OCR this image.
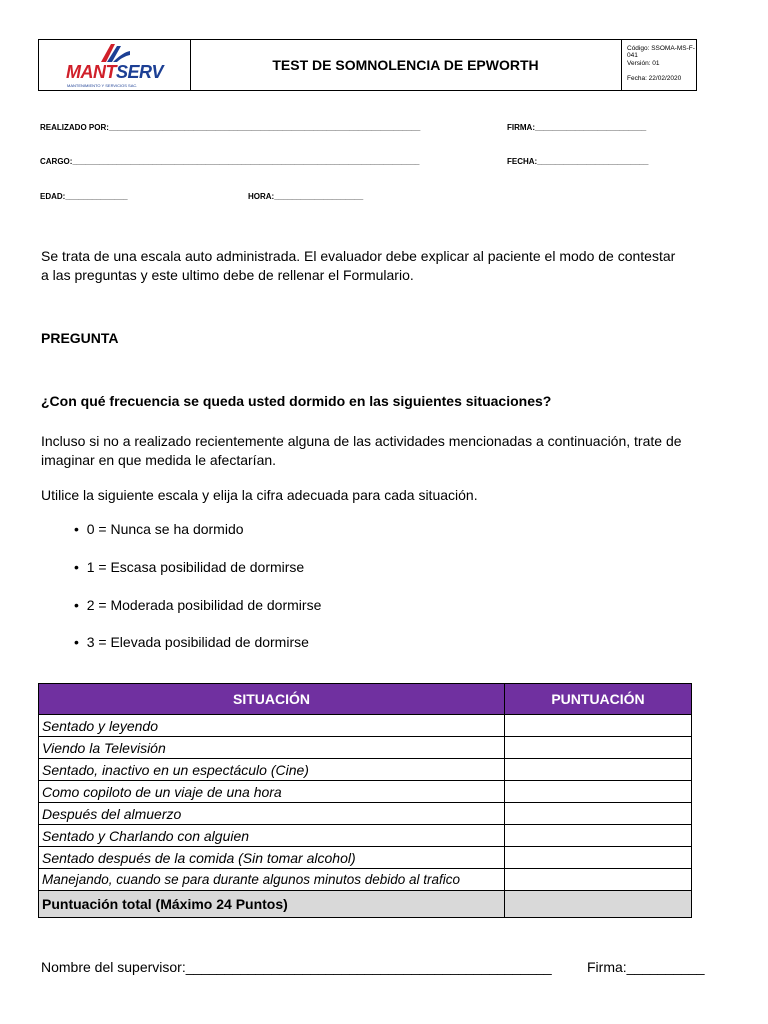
MANTSERV
MANTENIMIENTO Y SERVICIOS SAC.
TEST DE SOMNOLENCIA DE EPWORTH
Código: SSOMA-MS-F-041
Versión: 01
Fecha: 22/02/2020
REALIZADO POR:______________________________________________________________________	FIRMA:_________________________
CARGO:______________________________________________________________________________	FECHA:_________________________
EDAD:______________	HORA:____________________

Se trata de una escala auto administrada. El evaluador debe explicar al paciente el modo de contestar a las preguntas y este ultimo debe de rellenar el Formulario.

PREGUNTA
¿Con qué frecuencia se queda usted dormido en las siguientes situaciones?

Incluso si no a realizado recientemente alguna de las actividades mencionadas a continuación, trate de imaginar en que medida le afectarían.

Utilice la siguiente escala y elija la cifra adecuada para cada situación.

•  0 = Nunca se ha dormido
•  1 = Escasa posibilidad de dormirse
•  2 = Moderada posibilidad de dormirse
•  3 = Elevada posibilidad de dormirse
SITUACIÓN	PUNTUACIÓN
Sentado y leyendo	
Viendo la Televisión	
Sentado, inactivo en un espectáculo (Cine)	
Como copiloto de un viaje de una hora	
Después del almuerzo	
Sentado y Charlando con alguien	
Sentado después de la comida (Sin tomar alcohol)	
Manejando, cuando se para durante algunos minutos debido al trafico	
Puntuación total (Máximo 24 Puntos)	
Nombre del supervisor:_______________________________________________	Firma:__________
